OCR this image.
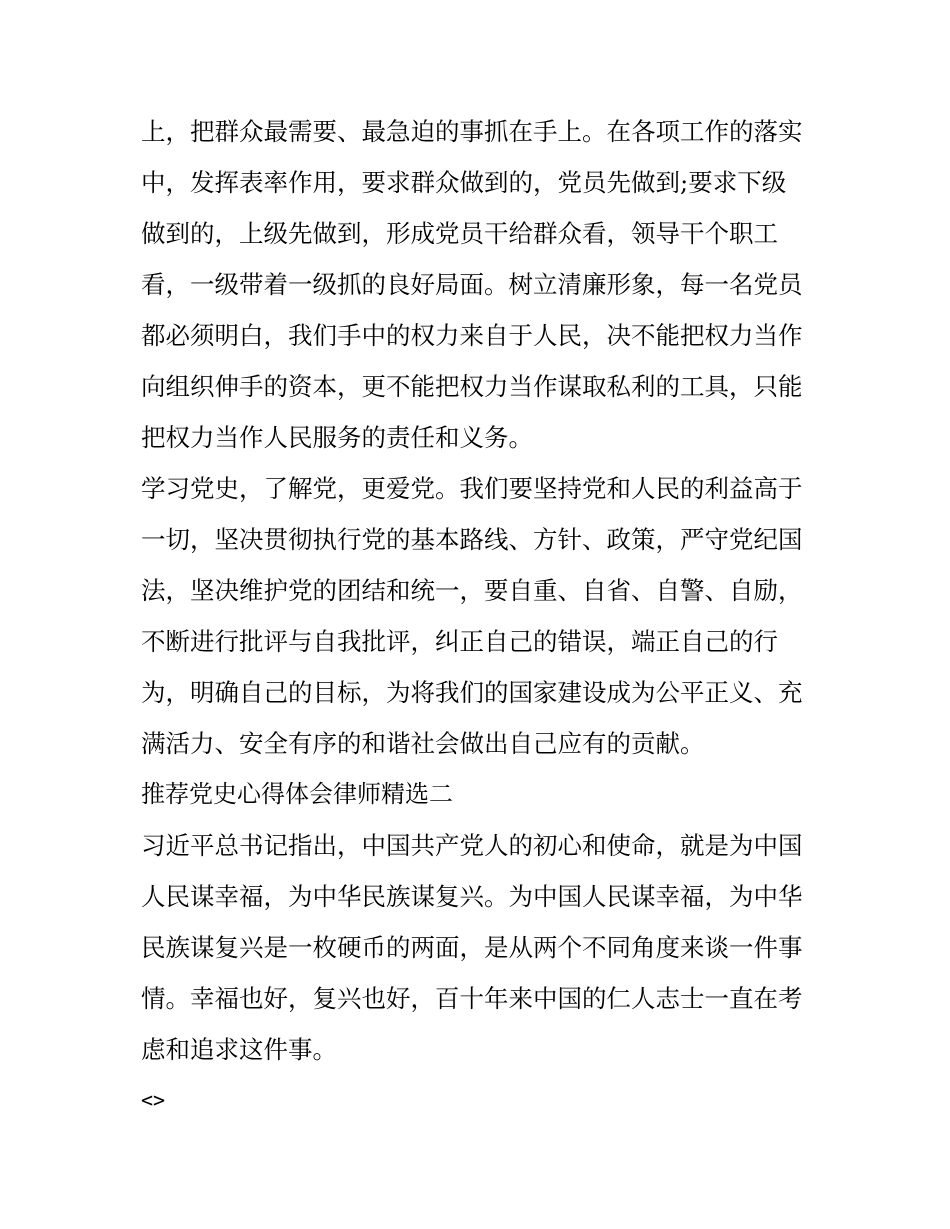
上，把群众最需要、最急迫的事抓在手上。在各项工作的落实
中，发挥表率作用，要求群众做到的，党员先做到;要求下级
做到的，上级先做到，形成党员干给群众看，领导干个职工
看，一级带着一级抓的良好局面。树立清廉形象，每一名党员
都必须明白，我们手中的权力来自于人民，决不能把权力当作
向组织伸手的资本，更不能把权力当作谋取私利的工具，只能
把权力当作人民服务的责任和义务。
学习党史，了解党，更爱党。我们要坚持党和人民的利益高于
一切，坚决贯彻执行党的基本路线、方针、政策，严守党纪国
法，坚决维护党的团结和统一，要自重、自省、自警、自励，
不断进行批评与自我批评，纠正自己的错误，端正自己的行
为，明确自己的目标，为将我们的国家建设成为公平正义、充
满活力、安全有序的和谐社会做出自己应有的贡献。
推荐党史心得体会律师精选二
习近平总书记指出，中国共产党人的初心和使命，就是为中国
人民谋幸福，为中华民族谋复兴。为中国人民谋幸福，为中华
民族谋复兴是一枚硬币的两面，是从两个不同角度来谈一件事
情。幸福也好，复兴也好，百十年来中国的仁人志士一直在考
虑和追求这件事。
<>
